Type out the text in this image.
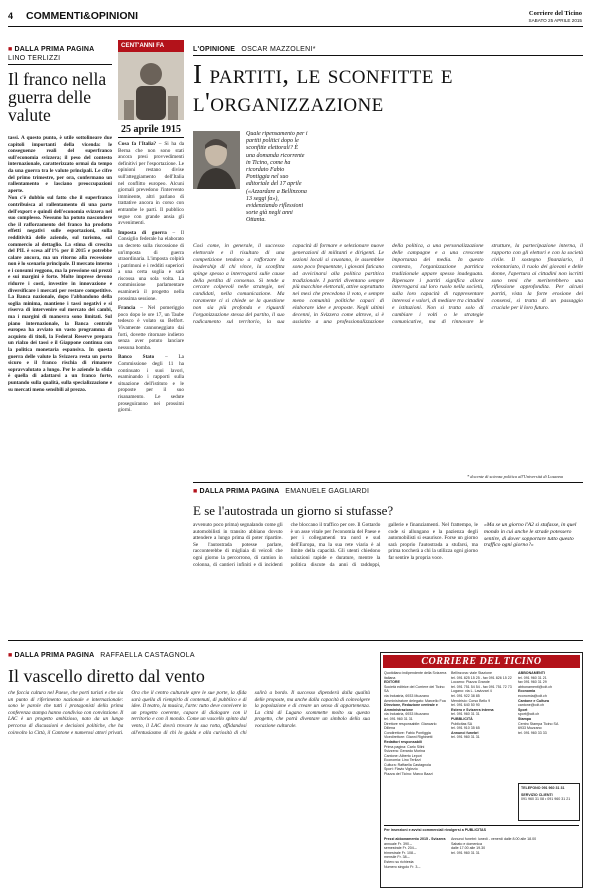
4 COMMENTI&OPINIONI	Corriere del Ticino
SABATO 25 APRILE 2015
■ DALLA PRIMA PAGINA
LINO TERLIZZI
Il franco nella guerra delle valute

tassi. A questo punto, è utile sottolineare due capitoli importanti della vicenda: le conseguenze reali del superfranco sull'economia svizzera; il peso del contesto internazionale, caratterizzato ormai da tempo da una guerra tra le valute principali. Le cifre del primo trimestre, per ora, confermano un rallentamento e lasciano preoccupazioni aperte.

Non c'è dubbio sul fatto che il superfranco contribuisca al rallentamento di una parte dell'export e quindi dell'economia svizzera nel suo complesso. Nessuno ha potuto nascondere che il rafforzamento del franco ha prodotto effetti negativi sulle esportazioni, sulla redditività delle aziende, sul turismo, sul commercio al dettaglio. La stima di crescita del PIL è scesa all'1% per il 2015 e potrebbe calare ancora, ma un ritorno alla recessione non è lo scenario principale. Il mercato interno e i consumi reggono, ma la pressione sui prezzi e sui margini è forte. Molte imprese devono ridurre i costi, investire in innovazione e diversificare i mercati per restare competitive. La Banca nazionale, dopo l'abbandono della soglia minima, mantiene i tassi negativi e si riserva di intervenire sul mercato dei cambi, ma i margini di manovra sono limitati. Sul piano internazionale, la Banca centrale europea ha avviato un vasto programma di acquisto di titoli, la Federal Reserve prepara un rialzo dei tassi e il Giappone continua con la politica monetaria espansiva. In questa guerra delle valute la Svizzera resta un porto sicuro e il franco rischia di rimanere sopravvalutato a lungo. Per le aziende la sfida è quella di adattarsi a un franco forte, puntando sulla qualità, sulla specializzazione e su mercati meno sensibili al prezzo.

CENT'ANNI FA
25 aprile 1915

Cosa fa l'Italia? – Si ha da Berna che non sono stati ancora presi provvedimenti definitivi per l'esportazione. Le opinioni restano divise sull'atteggiamento dell'Italia nel conflitto europeo. Alcuni giornali prevedono l'intervento imminente, altri parlano di trattative ancora in corso con entrambe le parti. Il pubblico segue con grande ansia gli avvenimenti.

Imposta di guerra – Il Consiglio federale ha elaborato un decreto sulla riscossione di un'imposta di guerra straordinaria. L'imposta colpirà i patrimoni e i redditi superiori a una certa soglia e sarà riscossa una sola volta. La commissione parlamentare esaminerà il progetto nella prossima sessione.

Francia – Nel pomeriggio poco dopo le ore 17, un Taube tedesco è volato su Belfort. Vivamente cannoneggiato dai forti, dovette ritornare indietro senza aver potuto lanciare nessuna bomba.

Banco Stato – La Commissione degli 11 ha continuato i suoi lavori, esaminando i rapporti sulla situazione dell'istituto e le proposte per il suo risanamento. Le sedute proseguiranno nei prossimi giorni.

L'OPINIONE OSCAR MAZZOLENI*
I partiti, le sconfitte e l'organizzazione
Quale ripensamento per i partiti politici dopo le sconfitte elettorali? È una domanda ricorrente in Ticino, come ha ricordato Fabio Pontiggia nel suo editoriale del 17 aprile («Azzardare a Bellinzona 13 seggi fa»), evidenziando riflessioni sorte già negli anni Ottanta.
Così come, in generale, il successo elettorale e il risultato di una competizione tendono a rafforzare la leadership di chi vince, la sconfitta spinge spesso a interrogarsi sulle cause della perdita di consenso. Si tende a cercare colpevoli nelle strategie, nei candidati, nella comunicazione. Ma raramente ci si chiede se la questione non sia più profonda e riguardi l'organizzazione stessa del partito, il suo radicamento sul territorio, la sua capacità di formare e selezionare nuove generazioni di militanti e dirigenti. Le sezioni locali si svuotano, le assemblee sono poco frequentate, i giovani faticano ad avvicinarsi alla politica partitica tradizionale. I partiti diventano sempre più macchine elettorali, attive soprattutto nei mesi che precedono il voto, e sempre meno comunità politiche capaci di elaborare idee e proposte. Negli ultimi decenni, in Svizzera come altrove, si è assistito a una professionalizzazione della politica, a una personalizzazione delle campagne e a una crescente importanza dei media. In questo contesto, l'organizzazione partitica tradizionale appare spesso inadeguata. Ripensare i partiti significa allora interrogarsi sul loro ruolo nella società, sulla loro capacità di rappresentare interessi e valori, di mediare tra cittadini e istituzioni. Non si tratta solo di cambiare i volti o le strategie comunicative, ma di rinnovare le strutture, la partecipazione interna, il rapporto con gli elettori e con la società civile. Il sostegno finanziario, il volontariato, il ruolo dei giovani e delle donne, l'apertura ai cittadini non iscritti sono temi che meriterebbero una riflessione approfondita. Per alcuni partiti, vista la forte erosione dei consensi, si tratta di un passaggio cruciale per il loro futuro.
* docente di scienza politica all'Università di Losanna
■ DALLA PRIMA PAGINA EMANUELE GAGLIARDI
E se l'autostrada un giorno si stufasse?
avvenuto poco prima) segnalando come gli automobilisti in transito abbiano dovuto attendere a lungo prima di poter ripartire. Se l'autostrada potesse parlare, racconterebbe di migliaia di veicoli che ogni giorno la percorrono, di camion in colonna, di cantieri infiniti e di incidenti che bloccano il traffico per ore. Il Gottardo è un asse vitale per l'economia del Paese e per i collegamenti tra nord e sud dell'Europa, ma la sua rete viaria è al limite della capacità. Gli utenti chiedono soluzioni rapide e durature, mentre la politica discute da anni di raddoppi, gallerie e finanziamenti. Nel frattempo, le code si allungano e la pazienza degli automobilisti si esaurisce. Forse un giorno sarà proprio l'autostrada a stufarsi, ma prima toccherà a chi la utilizza ogni giorno far sentire la propria voce.
«Ma se un giorno l'A2 si stufasse, in quel mondo in cui anche le strade potessero sentire, di dover sopportare tutto questo traffico ogni giorno?»
■ DALLA PRIMA PAGINA RAFFAELLA CASTAGNOLA
Il vascello diretto dal vento
che faccia cultura nel Paese, che porti turisti e che sia un punto di riferimento nazionale e internazionale: sono le parole che tutti i protagonisti della prima conferenza stampa hanno condiviso con convinzione. Il LAC è un progetto ambizioso, nato da un lungo percorso di discussioni e decisioni politiche, che ha coinvolto la Città, il Cantone e numerosi attori privati. Ora che il centro culturale apre le sue porte, la sfida sarà quella di riempirlo di contenuti, di pubblico e di idee. Il teatro, la musica, l'arte: tutto deve convivere in un progetto coerente, capace di dialogare con il territorio e con il mondo. Come un vascello spinto dal vento, il LAC dovrà trovare la sua rotta, affidandosi all'entusiasmo di chi lo guida e alla curiosità di chi salirà a bordo. Il successo dipenderà dalla qualità delle proposte, ma anche dalla capacità di coinvolgere la popolazione e di creare un senso di appartenenza. La città di Lugano scommette molto su questo progetto, che potrà diventare un simbolo della sua vocazione culturale.
CORRIERE DEL TICINO
Quotidiano indipendente della Svizzera italiana
EDITORE
Società editrice del Corriere del Ticino SA
via Industria, 6933 Muzzano
Amministratore delegato: Marcello Foa
Direzione, Redazione centrale e Amministrazione
via Industria, 6933 Muzzano
tel. 091 960 31 31
Direttore responsabile: Giancarlo Dillena
Condirettore: Fabio Pontiggia
Vicedirettore: Gianni Righinetti
Redattori responsabili
Prima pagina: Carlo Silini
Svizzera: Gerardo Morina
Cantone: Alberto Lepori
Economia: Lino Terlizzi
Cultura: Raffaella Castagnola
Sport: Flavio Viglezio
Piazza del Ticino: Marco Bazzi
Bellinzona: viale Stazione
tel. 091 825 15 25 - fax 091 826 15 22
Locarno: Piazza Grande
tel. 091 751 54 54 - fax 091 751 72 73
Lugano: via L. Lavizzari 4
tel. 091 922 38 85
Mendrisio: Corso Bello 9
tel. 091 640 50 90
Estero e Svizzera interna
tel. 091 960 31 31
PUBBLICITÀ
Publicitas SA
tel. 091 910 35 65
Annunci funebri
tel. 091 960 31 31
ABBONAMENTI
tel. 091 960 31 21
fax 091 960 31 29
abbonamenti@cdt.ch
Economia
economia@cdt.ch
Cantone e Cultura
cantone@cdt.ch
Sport
sport@cdt.ch
Stampa
Centro Stampa Ticino SA
6933 Muzzano
tel. 091 960 33 33
TELEFONO 091 960 31 31
SERVIZIO CLIENTI
091 960 31 08 • 091 960 31 21
Per inserzioni e avvisi commerciali rivolgersi a PUBLICITAS
Prezzi abbonamento 2015 - Svizzera
annuale Fr. 390.–
semestrale Fr. 204.–
trimestrale Fr. 108.–
mensile Fr. 38.–
Estero su richiesta
Numero singolo Fr. 3.–
Annunci funebri: lunedì - venerdì dalle 8.00 alle 18.00
Sabato e domenica
dalle 17.00 alle 19.30
tel. 091 960 31 31
